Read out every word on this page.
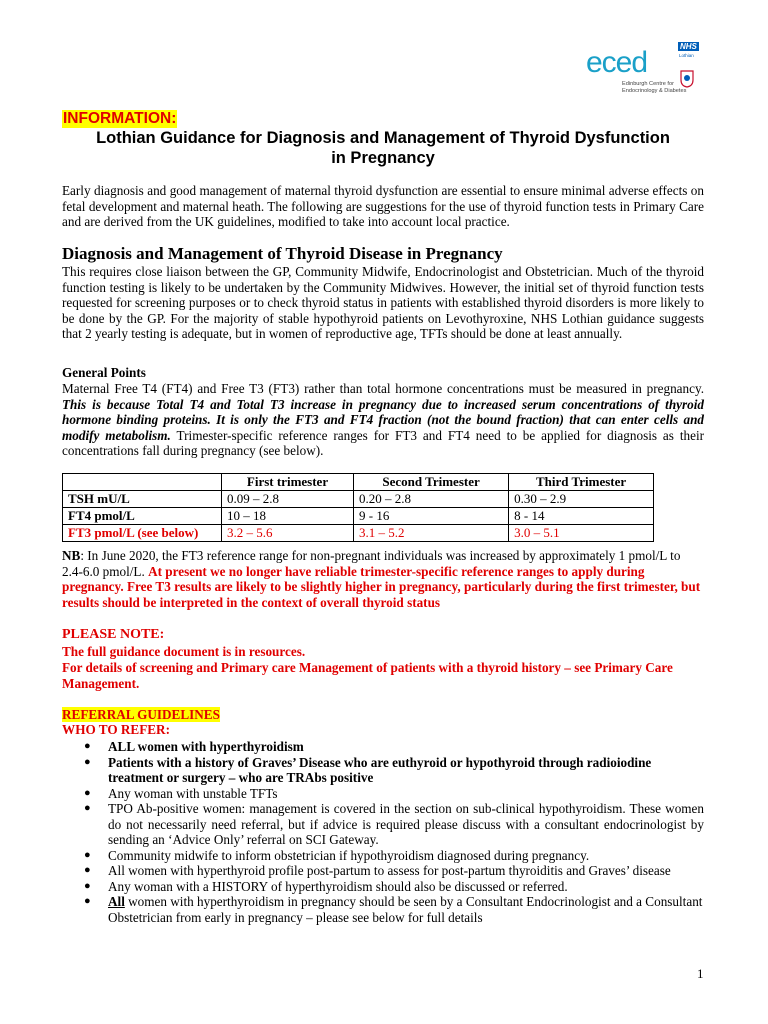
eced
Edinburgh Centre for
Endocrinology & Diabetes
NHS
Lothian
INFORMATION:
Lothian Guidance for Diagnosis and Management of Thyroid Dysfunction
in Pregnancy
Early diagnosis and good management of maternal thyroid dysfunction are essential to ensure minimal adverse effects on fetal development and maternal heath. The following are suggestions for the use of thyroid function tests in Primary Care and are derived from the UK guidelines, modified to take into account local practice.
Diagnosis and Management of Thyroid Disease in Pregnancy
This requires close liaison between the GP, Community Midwife, Endocrinologist and Obstetrician. Much of the thyroid function testing is likely to be undertaken by the Community Midwives. However, the initial set of thyroid function tests requested for screening purposes or to check thyroid status in patients with established thyroid disorders is more likely to be done by the GP. For the majority of stable hypothyroid patients on Levothyroxine, NHS Lothian guidance suggests that 2 yearly testing is adequate, but in women of reproductive age, TFTs should be done at least annually.
General Points
Maternal Free T4 (FT4) and Free T3 (FT3) rather than total hormone concentrations must be measured in pregnancy. This is because Total T4 and Total T3 increase in pregnancy due to increased serum concentrations of thyroid hormone binding proteins. It is only the FT3 and FT4 fraction (not the bound fraction) that can enter cells and modify metabolism. Trimester-specific reference ranges for FT3 and FT4 need to be applied for diagnosis as their concentrations fall during pregnancy (see below).
	First trimester	Second Trimester	Third Trimester
TSH mU/L	0.09 – 2.8	0.20 – 2.8	0.30 – 2.9
FT4 pmol/L	10 – 18	9 - 16	8 - 14
FT3 pmol/L (see below)	3.2 – 5.6	3.1 – 5.2	3.0 – 5.1
NB: In June 2020, the FT3 reference range for non-pregnant individuals was increased by approximately 1 pmol/L to 2.4-6.0 pmol/L. At present we no longer have reliable trimester-specific reference ranges to apply during pregnancy. Free T3 results are likely to be slightly higher in pregnancy, particularly during the first trimester, but results should be interpreted in the context of overall thyroid status
PLEASE NOTE:
The full guidance document is in resources.
For details of screening and Primary care Management of patients with a thyroid history – see Primary Care Management.
REFERRAL GUIDELINES
WHO TO REFER:
● ALL women with hyperthyroidism
● Patients with a history of Graves’ Disease who are euthyroid or hypothyroid through radioiodine treatment or surgery – who are TRAbs positive
● Any woman with unstable TFTs
● TPO Ab-positive women: management is covered in the section on sub-clinical hypothyroidism. These women do not necessarily need referral, but if advice is required please discuss with a consultant endocrinologist by sending an ‘Advice Only’ referral on SCI Gateway.
● Community midwife to inform obstetrician if hypothyroidism diagnosed during pregnancy.
● All women with hyperthyroid profile post-partum to assess for post-partum thyroiditis and Graves’ disease
● Any woman with a HISTORY of hyperthyroidism should also be discussed or referred.
● All women with hyperthyroidism in pregnancy should be seen by a Consultant Endocrinologist and a Consultant Obstetrician from early in pregnancy – please see below for full details
1
